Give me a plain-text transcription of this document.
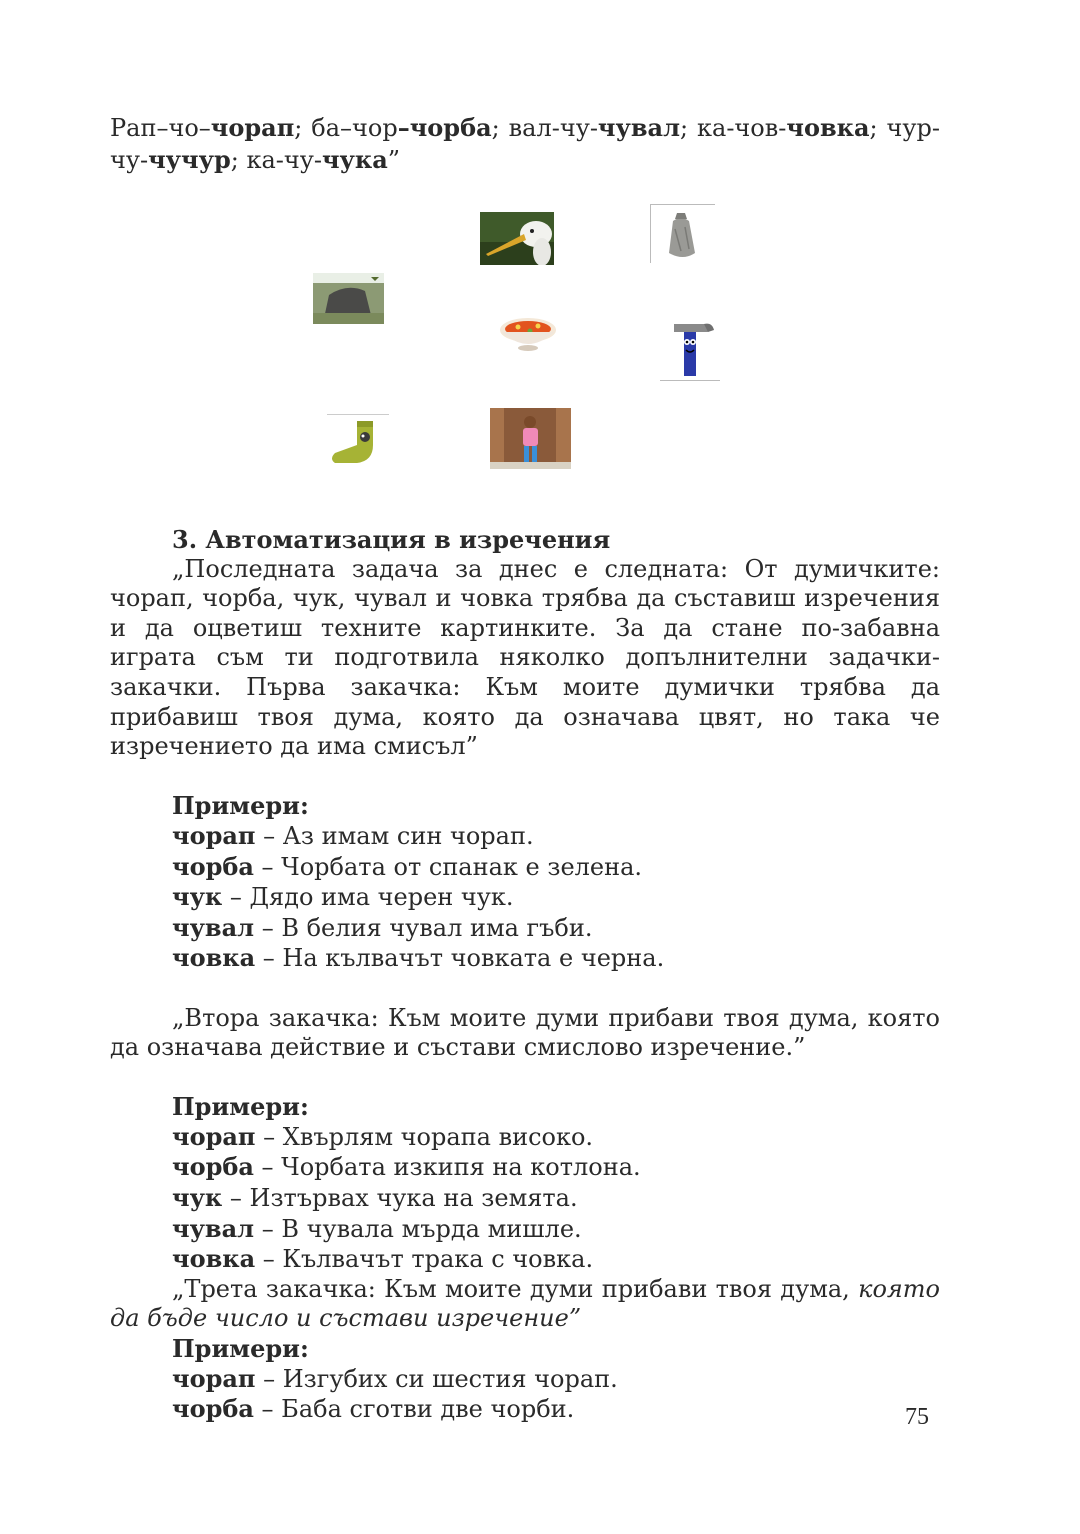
Рап–чо–чорап; ба–чор–чорба; вал-чу-чувал; ка-чов-човка; чур-чу-чучур; ка-чу-чука”

3. Автоматизация в изречения

„Последната задача за днес е следната: От думичките: чорап, чорба, чук, чувал и човка трябва да съставиш изречения и да оцветиш техните картинките. За да стане по-забавна играта съм ти подготвила няколко допълнителни задачки-закачки. Първа закачка: Към моите думички трябва да прибавиш твоя дума, която да означава цвят, но така че изречението да има смисъл”

Примери:

чорап – Аз имам син чорап.

чорба – Чорбата от спанак е зелена.

чук – Дядо има черен чук.

чувал – В белия чувал има гъби.

човка – На кълвачът човката е черна.

„Втора закачка: Към моите думи прибави твоя дума, която да означава действие и състави смислово изречение.”

Примери:

чорап – Хвърлям чорапа високо.

чорба – Чорбата изкипя на котлона.

чук – Изтървах чука на земята.

чувал – В чувала мърда мишле.

човка – Кълвачът трака с човка.

„Трета закачка: Към моите думи прибави твоя дума, която да бъде число и състави изречение”

Примери:

чорап – Изгубих си шестия чорап.

чорба – Баба сготви две чорби.	75
